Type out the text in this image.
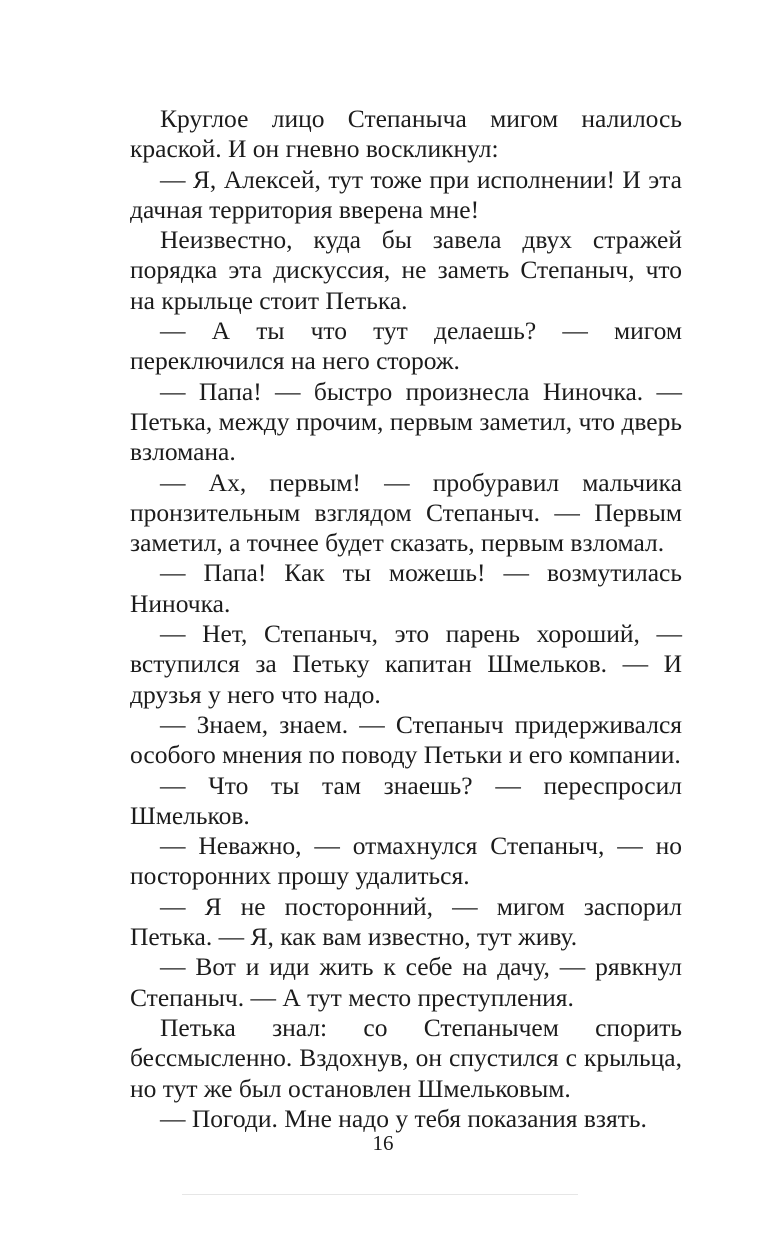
Круглое лицо Степаныча мигом налилось краской. И он гневно воскликнул:

— Я, Алексей, тут тоже при исполнении! И эта дачная территория вверена мне!

Неизвестно, куда бы завела двух стражей порядка эта дискуссия, не заметь Степаныч, что на крыльце стоит Петька.

— А ты что тут делаешь? — мигом переключился на него сторож.

— Папа! — быстро произнесла Ниночка. — Петька, между прочим, первым заметил, что дверь взломана.

— Ах, первым! — пробуравил мальчика пронзительным взглядом Степаныч. — Первым заметил, а точнее будет сказать, первым взломал.

— Папа! Как ты можешь! — возмутилась Ниночка.

— Нет, Степаныч, это парень хороший, — вступился за Петьку капитан Шмельков. — И друзья у него что надо.

— Знаем, знаем. — Степаныч придерживался особого мнения по поводу Петьки и его компании.

— Что ты там знаешь? — переспросил Шмельков.

— Неважно, — отмахнулся Степаныч, — но посторонних прошу удалиться.

— Я не посторонний, — мигом заспорил Петька. — Я, как вам известно, тут живу.

— Вот и иди жить к себе на дачу, — рявкнул Степаныч. — А тут место преступления.

Петька знал: со Степанычем спорить бессмысленно. Вздохнув, он спустился с крыльца, но тут же был остановлен Шмельковым.

— Погоди. Мне надо у тебя показания взять.

16
